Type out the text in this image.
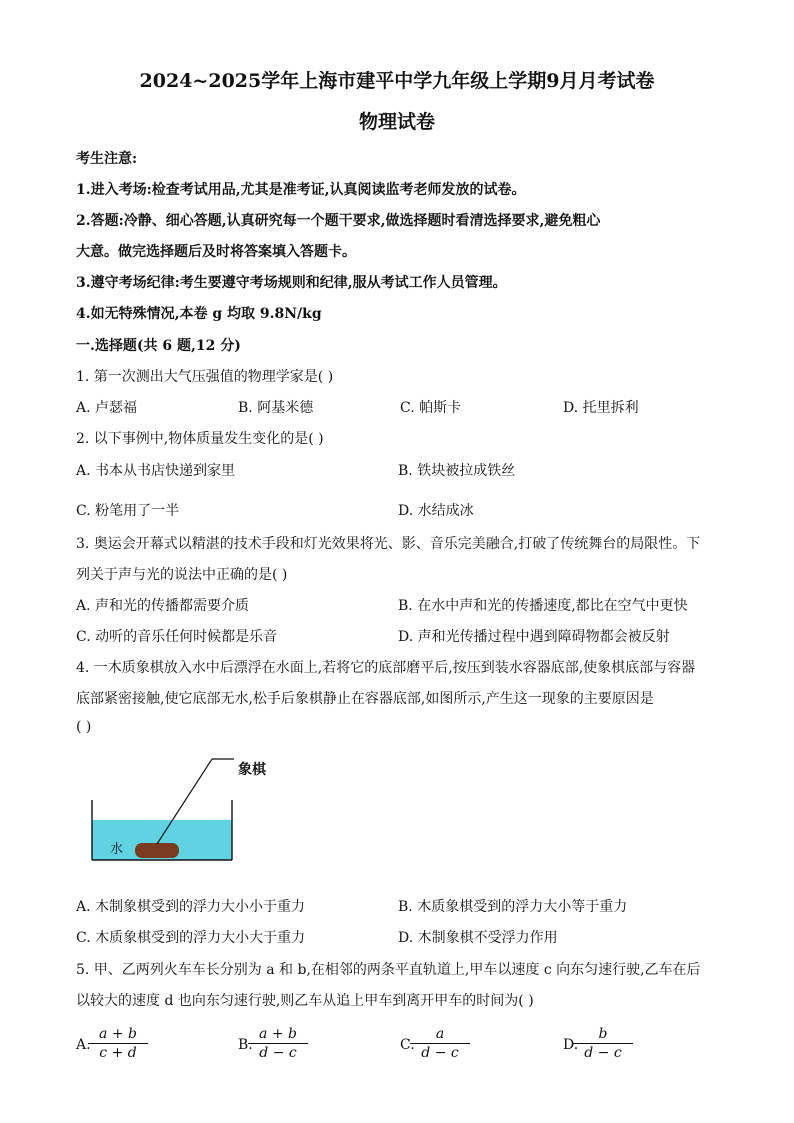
2024~2025学年上海市建平中学九年级上学期9月月考试卷
物理试卷
考生注意:
1.进入考场:检查考试用品,尤其是准考证,认真阅读监考老师发放的试卷。
2.答题:冷静、细心答题,认真研究每一个题干要求,做选择题时看清选择要求,避免粗心
大意。做完选择题后及时将答案填入答题卡。
3.遵守考场纪律:考生要遵守考场规则和纪律,服从考试工作人员管理。
4.如无特殊情况,本卷 g 均取 9.8N/kg
一.选择题(共 6 题,12 分)
1. 第一次测出大气压强值的物理学家是( )
A. 卢瑟福	B. 阿基米德	C. 帕斯卡	D. 托里拆利
2. 以下事例中,物体质量发生变化的是( )
A. 书本从书店快递到家里	B. 铁块被拉成铁丝
C. 粉笔用了一半	D. 水结成冰
3. 奥运会开幕式以精湛的技术手段和灯光效果将光、影、音乐完美融合,打破了传统舞台的局限性。下
列关于声与光的说法中正确的是( )
A. 声和光的传播都需要介质	B. 在水中声和光的传播速度,都比在空气中更快
C. 动听的音乐任何时候都是乐音	D. 声和光传播过程中遇到障碍物都会被反射
4. 一木质象棋放入水中后漂浮在水面上,若将它的底部磨平后,按压到装水容器底部,使象棋底部与容器
底部紧密接触,使它底部无水,松手后象棋静止在容器底部,如图所示,产生这一现象的主要原因是
( )
象棋
水
A. 木制象棋受到的浮力大小小于重力	B. 木质象棋受到的浮力大小等于重力
C. 木质象棋受到的浮力大小大于重力	D. 木制象棋不受浮力作用
5. 甲、乙两列火车车长分别为 a 和 b,在相邻的两条平直轨道上,甲车以速度 c 向东匀速行驶,乙车在后
以较大的速度 d 也向东匀速行驶,则乙车从追上甲车到离开甲车的时间为( )
A.
$\frac{a + b}{c + d}$	B.
$\frac{a + b}{d - c}$	C.
$\frac{a}{d - c}$	D.
$\frac{b}{d - c}$
